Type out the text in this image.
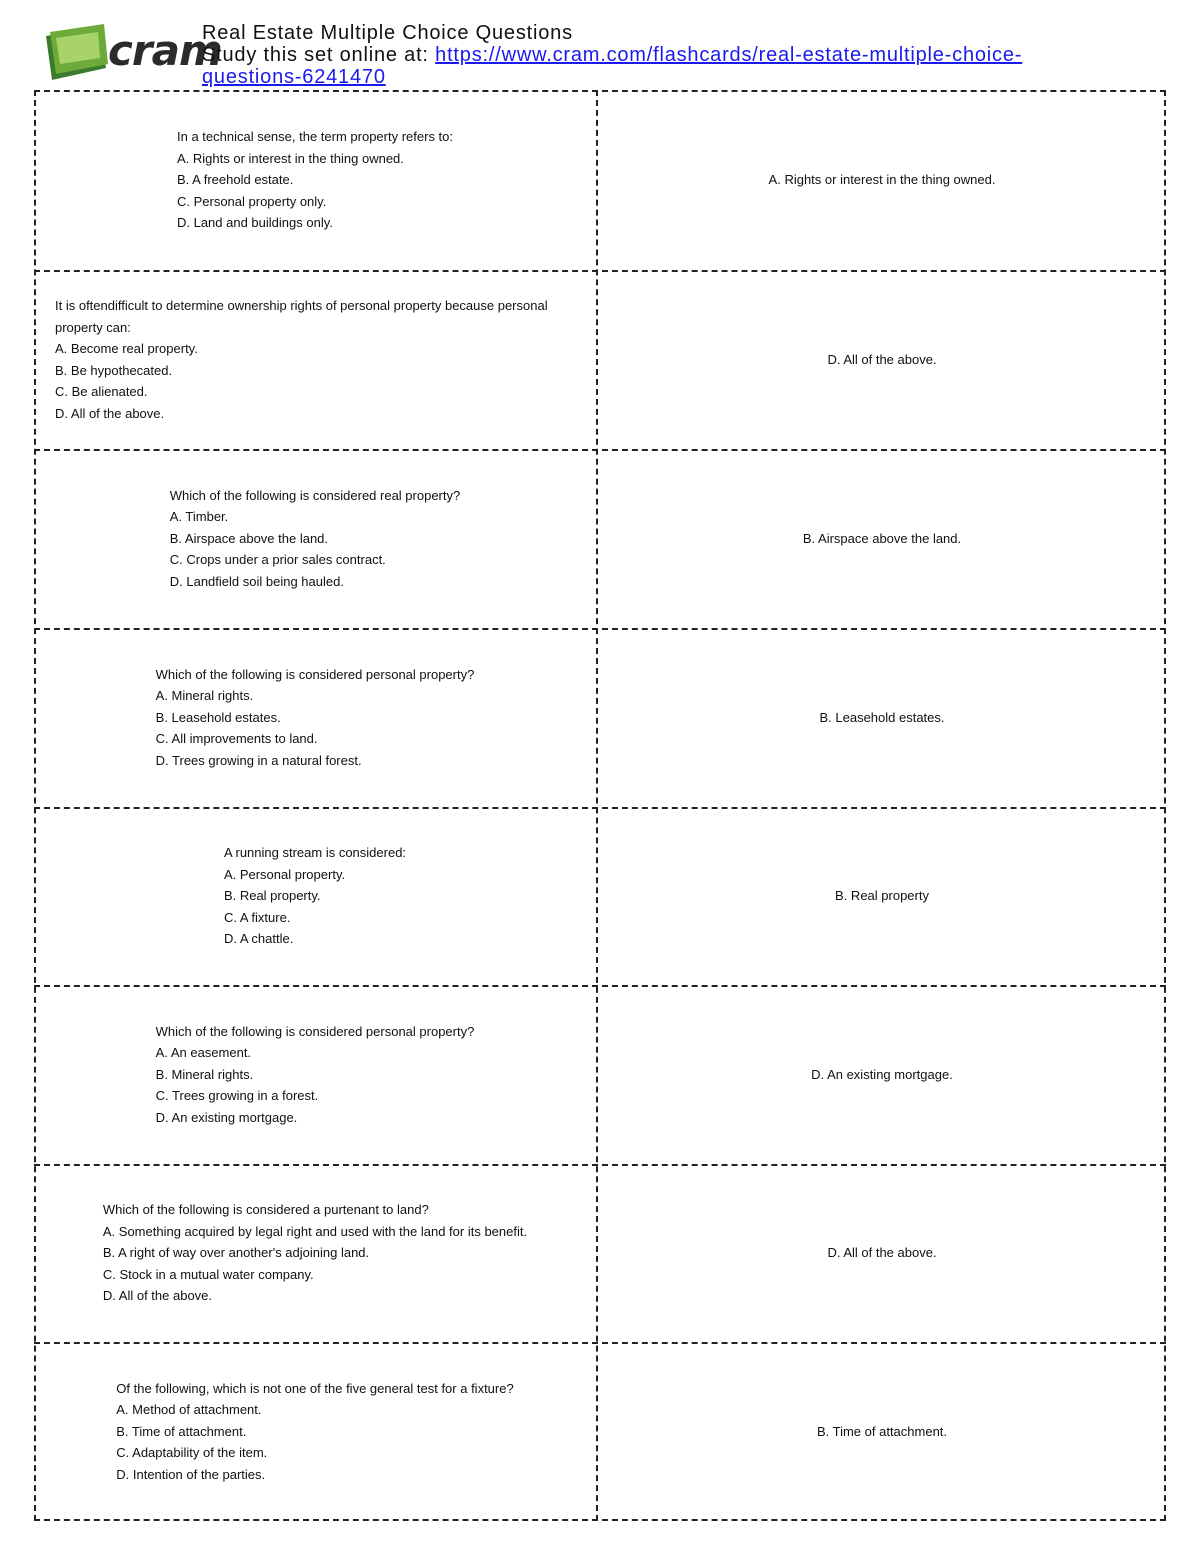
cram
Real Estate Multiple Choice Questions
Study this set online at: https://www.cram.com/flashcards/real-estate-multiple-choice-questions-6241470
In a technical sense, the term property refers to:
A. Rights or interest in the thing owned.
B. A freehold estate.
C. Personal property only.
D. Land and buildings only.
A. Rights or interest in the thing owned.
It is oftendifficult to determine ownership rights of personal property because personal property can:
A. Become real property.
B. Be hypothecated.
C. Be alienated.
D. All of the above.
D. All of the above.
Which of the following is considered real property?
A. Timber.
B. Airspace above the land.
C. Crops under a prior sales contract.
D. Landfield soil being hauled.
B. Airspace above the land.
Which of the following is considered personal property?
A. Mineral rights.
B. Leasehold estates.
C. All improvements to land.
D. Trees growing in a natural forest.
B. Leasehold estates.
A running stream is considered:
A. Personal property.
B. Real property.
C. A fixture.
D. A chattle.
B. Real property
Which of the following is considered personal property?
A. An easement.
B. Mineral rights.
C. Trees growing in a forest.
D. An existing mortgage.
D. An existing mortgage.
Which of the following is considered a purtenant to land?
A. Something acquired by legal right and used with the land for its benefit.
B. A right of way over another's adjoining land.
C. Stock in a mutual water company.
D. All of the above.
D. All of the above.
Of the following, which is not one of the five general test for a fixture?
A. Method of attachment.
B. Time of attachment.
C. Adaptability of the item.
D. Intention of the parties.
B. Time of attachment.
